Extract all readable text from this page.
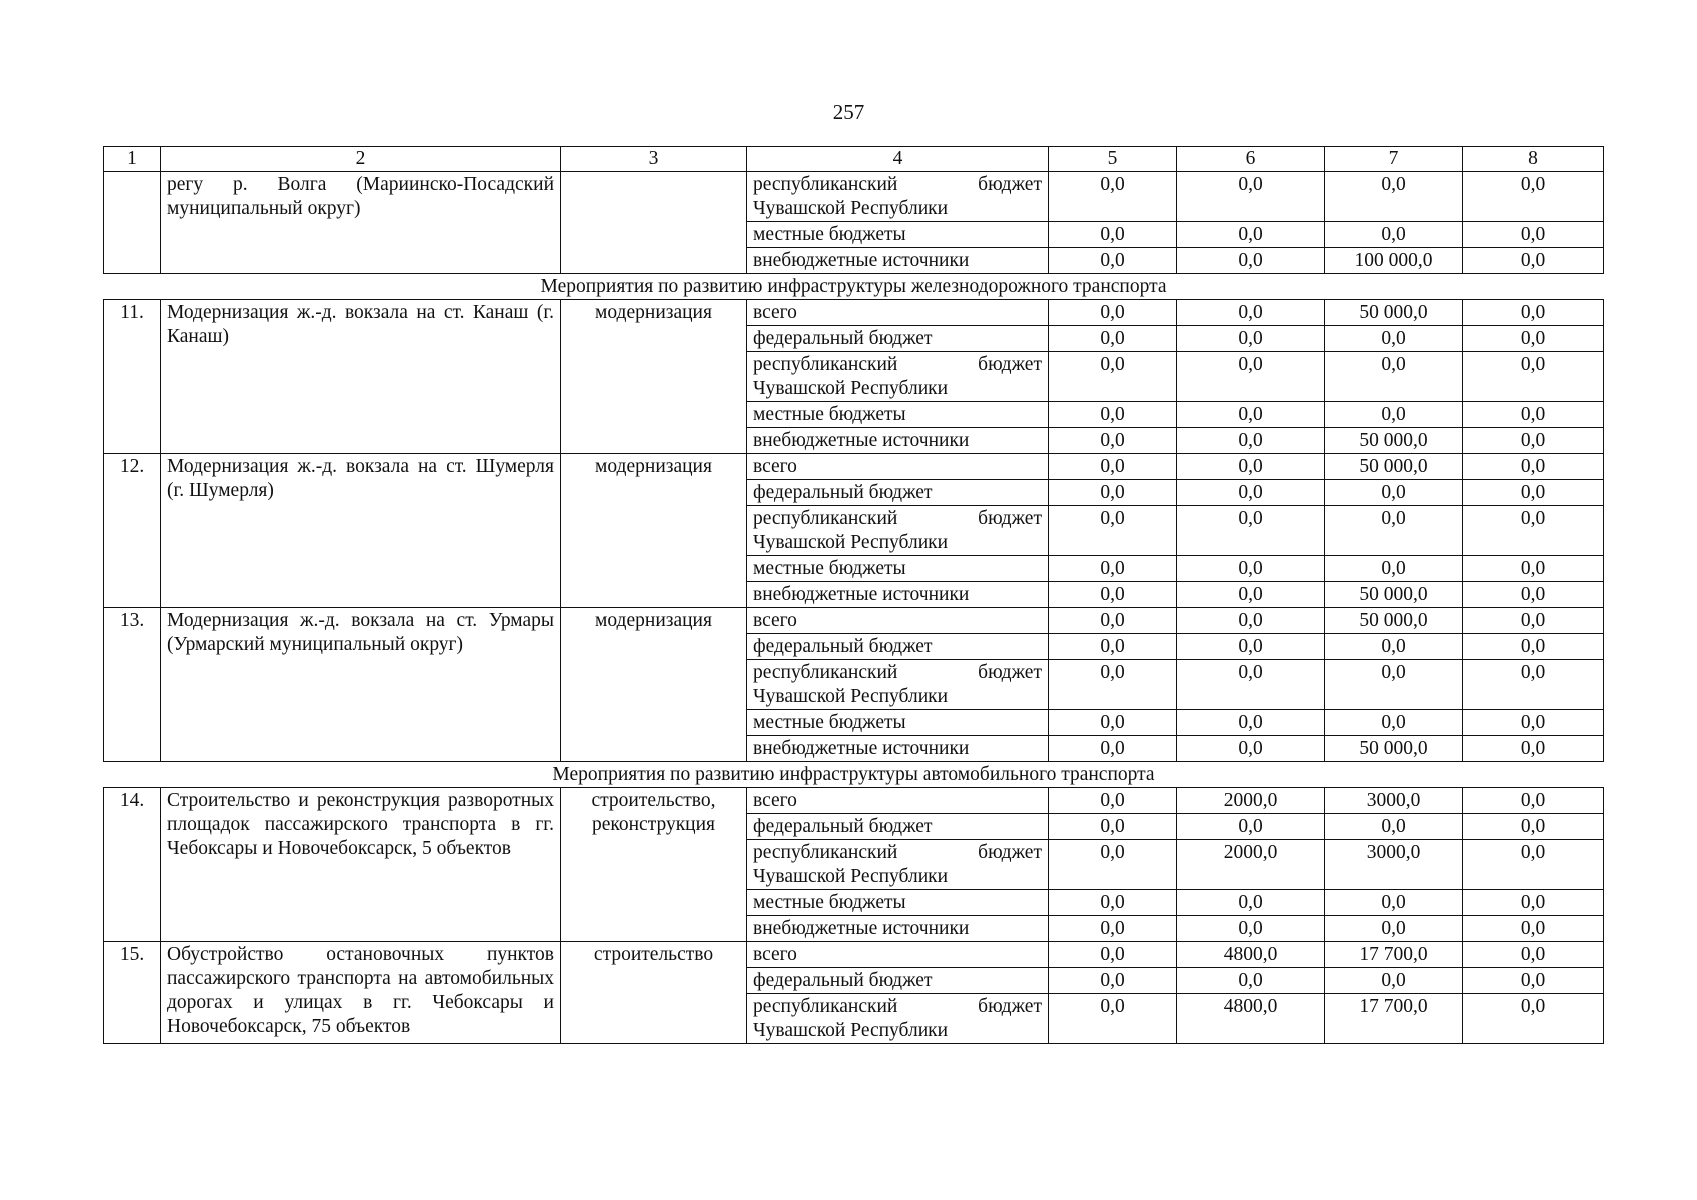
257
1	2	3	4	5	6	7	8

	регу р. Волга (Мариинско-Посадский
муниципальный округ)		республиканский бюджет
Чувашской Республики	0,0	0,0	0,0	0,0

			местные бюджеты	0,0	0,0	0,0	0,0

			внебюджетные источники	0,0	0,0	100 000,0	0,0
Мероприятия по развитию инфраструктуры железнодорожного транспорта							
11.	Модернизация ж.-д. вокзала на ст. Канаш (г. Канаш)	модернизация	всего	0,0	0,0	50 000,0	0,0

			федеральный бюджет	0,0	0,0	0,0	0,0

			республиканский бюджет
Чувашской Республики	0,0	0,0	0,0	0,0

			местные бюджеты	0,0	0,0	0,0	0,0

			внебюджетные источники	0,0	0,0	50 000,0	0,0
12.	Модернизация ж.-д. вокзала на ст. Шумерля (г. Шумерля)	модернизация	всего	0,0	0,0	50 000,0	0,0

			федеральный бюджет	0,0	0,0	0,0	0,0

			республиканский бюджет
Чувашской Республики	0,0	0,0	0,0	0,0

			местные бюджеты	0,0	0,0	0,0	0,0

			внебюджетные источники	0,0	0,0	50 000,0	0,0
13.	Модернизация ж.-д. вокзала на ст. Урмары (Урмарский муниципальный округ)	модернизация	всего	0,0	0,0	50 000,0	0,0

			федеральный бюджет	0,0	0,0	0,0	0,0

			республиканский бюджет
Чувашской Республики	0,0	0,0	0,0	0,0

			местные бюджеты	0,0	0,0	0,0	0,0

			внебюджетные источники	0,0	0,0	50 000,0	0,0
Мероприятия по развитию инфраструктуры автомобильного транспорта							
14.	Строительство и реконструкция разворотных площадок пассажирского транспорта в гг. Чебоксары и Новочебоксарск, 5 объектов	строительство, реконструкция	всего	0,0	2000,0	3000,0	0,0

			федеральный бюджет	0,0	0,0	0,0	0,0

			республиканский бюджет
Чувашской Республики	0,0	2000,0	3000,0	0,0

			местные бюджеты	0,0	0,0	0,0	0,0

			внебюджетные источники	0,0	0,0	0,0	0,0
15.	Обустройство остановочных пунктов пассажирского транспорта на автомобильных дорогах и улицах в гг. Чебоксары и Новочебоксарск, 75 объектов	строительство	всего	0,0	4800,0	17 700,0	0,0

			федеральный бюджет	0,0	0,0	0,0	0,0

			республиканский бюджет
Чувашской Республики	0,0	4800,0	17 700,0	0,0
